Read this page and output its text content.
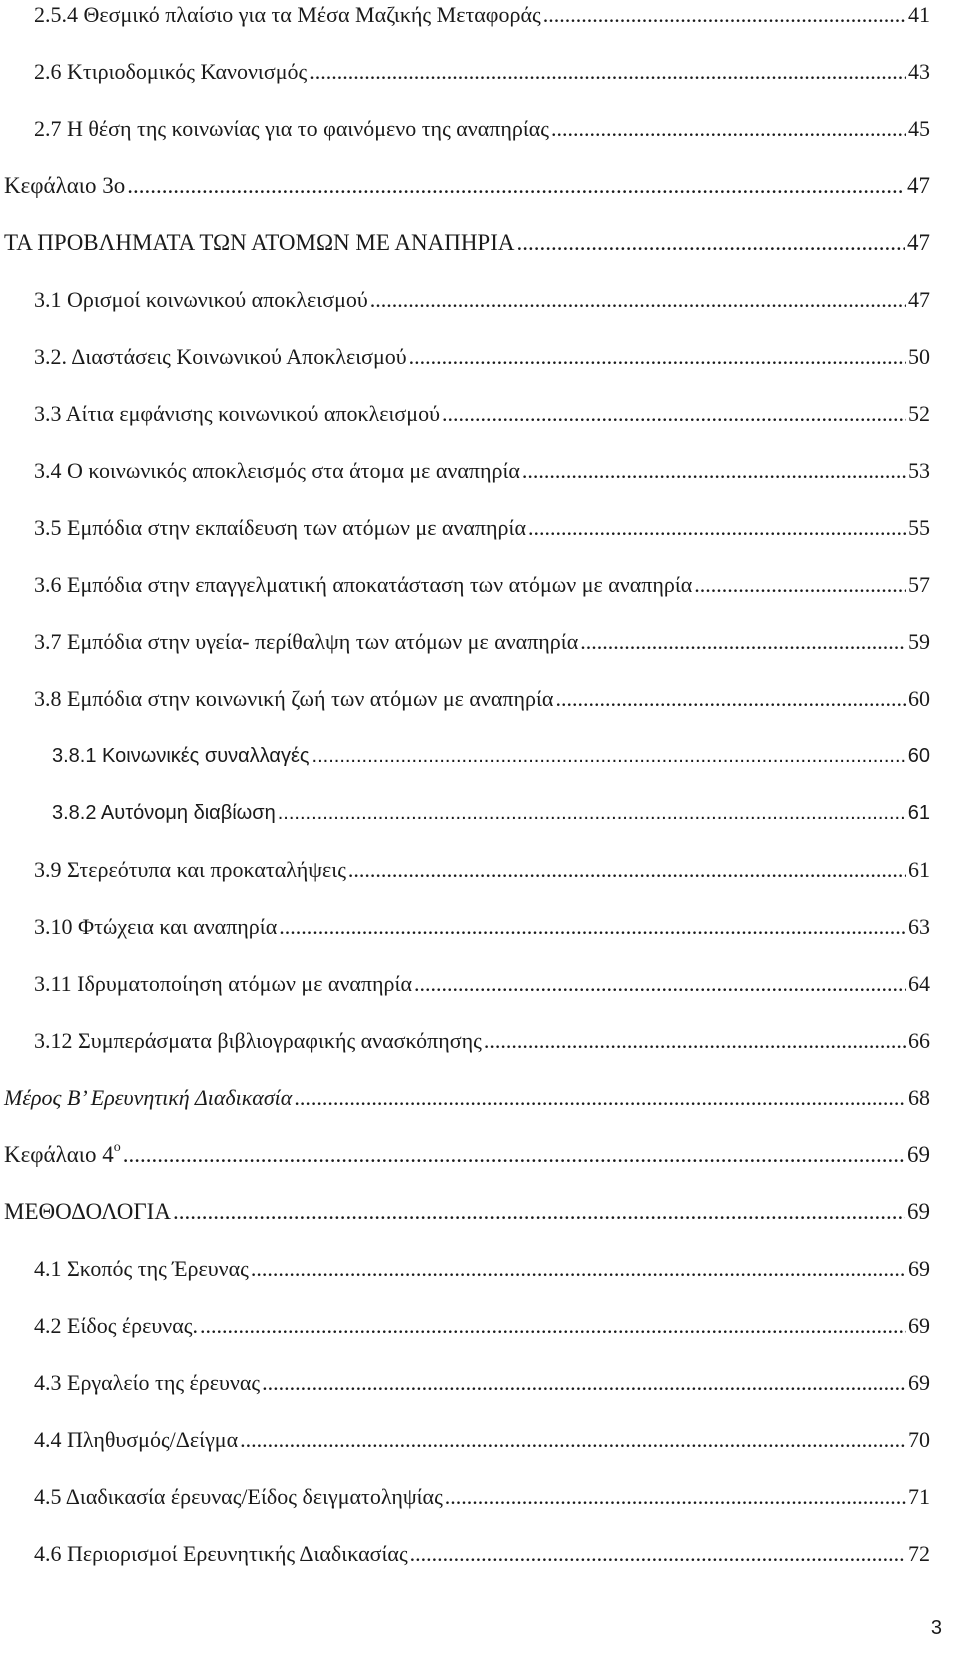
2.5.4 Θεσμικό πλαίσιο για τα Μέσα Μαζικής Μεταφοράς .....	41
2.6 Κτιριοδομικός Κανονισμός .....	43
2.7 Η θέση της κοινωνίας για το φαινόμενο της αναπηρίας .....	45
Κεφάλαιο 3ο .....	47
ΤΑ ΠΡΟΒΛΗΜΑΤΑ ΤΩΝ ΑΤΟΜΩΝ ΜΕ ΑΝΑΠΗΡΙΑ .....	47
3.1 Ορισμοί κοινωνικού αποκλεισμού .....	47
3.2. Διαστάσεις Κοινωνικού Αποκλεισμού .....	50
3.3 Αίτια εμφάνισης κοινωνικού αποκλεισμού .....	52
3.4 Ο κοινωνικός αποκλεισμός στα άτομα με αναπηρία .....	53
3.5 Εμπόδια στην εκπαίδευση των ατόμων με αναπηρία .....	55
3.6 Εμπόδια στην επαγγελματική αποκατάσταση των ατόμων με αναπηρία .....	57
3.7 Εμπόδια στην υγεία- περίθαλψη των ατόμων με αναπηρία .....	59
3.8 Εμπόδια στην κοινωνική ζωή των ατόμων με αναπηρία .....	60
3.8.1 Κοινωνικές συναλλαγές .....	60
3.8.2 Αυτόνομη διαβίωση .....	61
3.9 Στερεότυπα και προκαταλήψεις .....	61
3.10 Φτώχεια και αναπηρία .....	63
3.11 Ιδρυματοποίηση ατόμων με αναπηρία .....	64
3.12 Συμπεράσματα βιβλιογραφικής ανασκόπησης .....	66
Μέρος Β’ Ερευνητική Διαδικασία .....	68
Κεφάλαιο $4^o$ .....	69
ΜΕΘΟΔΟΛΟΓΙΑ .....	69
4.1 Σκοπός της Έρευνας .....	69
4.2 Είδος έρευνας. .....	69
4.3 Εργαλείο της έρευνας .....	69
4.4 Πληθυσμός/Δείγμα .....	70
4.5 Διαδικασία έρευνας/Είδος δειγματοληψίας .....	71
4.6 Περιορισμοί Ερευνητικής Διαδικασίας .....	72
3
